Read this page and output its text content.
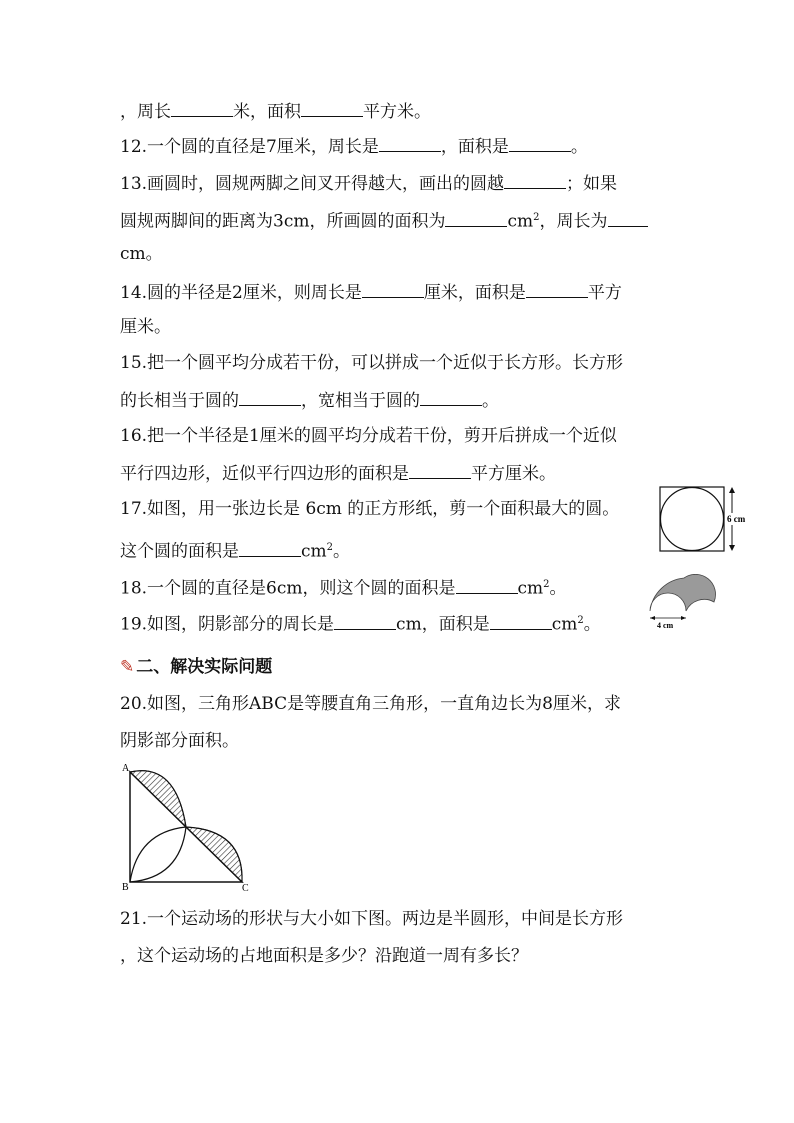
，周长	米，面积	平方米。
12.一个圆的直径是7厘米，周长是	，面积是	。
13.画圆时，圆规两脚之间叉开得越大，画出的圆越	；如果
圆规两脚间的距离为3cm，所画圆的面积为	$cm^2$，周长为
cm。
14.圆的半径是2厘米，则周长是	厘米，面积是	平方
厘米。
15.把一个圆平均分成若干份，可以拼成一个近似于长方形。长方形
的长相当于圆的	，宽相当于圆的	。
16.把一个半径是1厘米的圆平均分成若干份，剪开后拼成一个近似
平行四边形，近似平行四边形的面积是	平方厘米。
17.如图，用一张边长是 6cm 的正方形纸，剪一个面积最大的圆。
这个圆的面积是	$cm^2$。
6 cm
18.一个圆的直径是6cm，则这个圆的面积是	$cm^2$。
19.如图，阴影部分的周长是	cm，面积是	$cm^2$。	4 cm
✎ 二、解决实际问题
20.如图，三角形ABC是等腰直角三角形，一直角边长为8厘米，求
阴影部分面积。
A
B	C
21.一个运动场的形状与大小如下图。两边是半圆形，中间是长方形
，这个运动场的占地面积是多少？沿跑道一周有多长？
